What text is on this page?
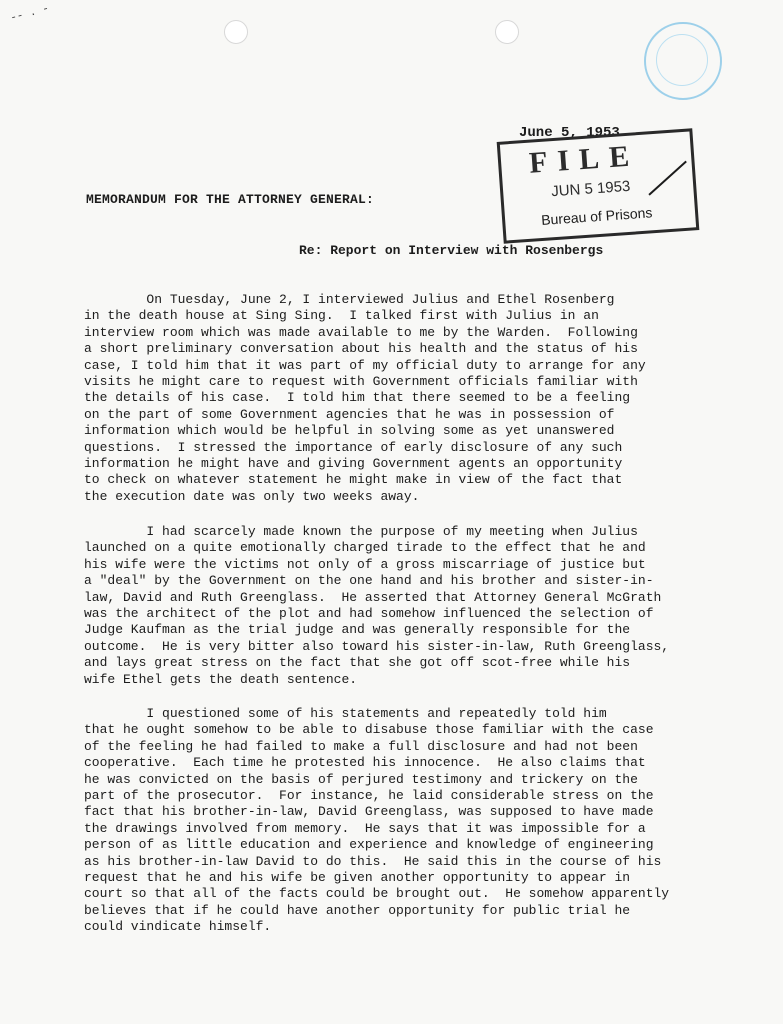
-- . -
June 5, 1953
FILE
JUN 5 1953
Bureau of Prisons
MEMORANDUM FOR THE ATTORNEY GENERAL:
Re: Report on Interview with Rosenbergs
On Tuesday, June 2, I interviewed Julius and Ethel Rosenberg
in the death house at Sing Sing.  I talked first with Julius in an
interview room which was made available to me by the Warden.  Following
a short preliminary conversation about his health and the status of his
case, I told him that it was part of my official duty to arrange for any
visits he might care to request with Government officials familiar with
the details of his case.  I told him that there seemed to be a feeling
on the part of some Government agencies that he was in possession of
information which would be helpful in solving some as yet unanswered
questions.  I stressed the importance of early disclosure of any such
information he might have and giving Government agents an opportunity
to check on whatever statement he might make in view of the fact that
the execution date was only two weeks away.
I had scarcely made known the purpose of my meeting when Julius
launched on a quite emotionally charged tirade to the effect that he and
his wife were the victims not only of a gross miscarriage of justice but
a "deal" by the Government on the one hand and his brother and sister-in-
law, David and Ruth Greenglass.  He asserted that Attorney General McGrath
was the architect of the plot and had somehow influenced the selection of
Judge Kaufman as the trial judge and was generally responsible for the
outcome.  He is very bitter also toward his sister-in-law, Ruth Greenglass,
and lays great stress on the fact that she got off scot-free while his
wife Ethel gets the death sentence.
I questioned some of his statements and repeatedly told him
that he ought somehow to be able to disabuse those familiar with the case
of the feeling he had failed to make a full disclosure and had not been
cooperative.  Each time he protested his innocence.  He also claims that
he was convicted on the basis of perjured testimony and trickery on the
part of the prosecutor.  For instance, he laid considerable stress on the
fact that his brother-in-law, David Greenglass, was supposed to have made
the drawings involved from memory.  He says that it was impossible for a
person of as little education and experience and knowledge of engineering
as his brother-in-law David to do this.  He said this in the course of his
request that he and his wife be given another opportunity to appear in
court so that all of the facts could be brought out.  He somehow apparently
believes that if he could have another opportunity for public trial he
could vindicate himself.
